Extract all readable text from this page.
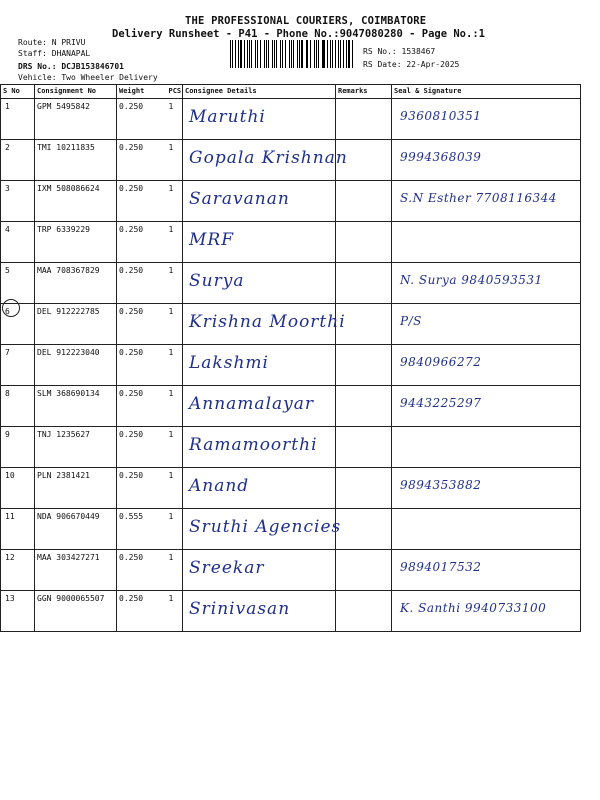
THE PROFESSIONAL COURIERS, COIMBATORE
Delivery Runsheet - P41 - Phone No.:9047080280 - Page No.:1
Route: N PRIVU
Staff: DHANAPAL
DRS No.: DCJB153846701
Vehicle: Two Wheeler Delivery
RS No.: 1538467
RS Date: 22-Apr-2025
S No	Consignment No	Weight	PCS	Consignee Details	Remarks	Seal & Signature
1	GPM 5495842	0.250	1	Maruthi		9360810351

2	TMI 10211835	0.250	1	Gopala Krishnan		9994368039

3	IXM 508086624	0.250	1	Saravanan		S.N Esther 7708116344

4	TRP 6339229	0.250	1	MRF		

5	MAA 708367829	0.250	1	Surya		N. Surya 9840593531

6	DEL 912222785	0.250	1	Krishna Moorthi		P/S

7	DEL 912223040	0.250	1	Lakshmi		9840966272

8	SLM 368690134	0.250	1	Annamalayar		9443225297

9	TNJ 1235627	0.250	1	Ramamoorthi		

10	PLN 2381421	0.250	1	Anand		9894353882

11	NDA 906670449	0.555	1	Sruthi Agencies		

12	MAA 303427271	0.250	1	Sreekar		9894017532

13	GGN 9000065507	0.250	1	Srinivasan		K. Santhi 9940733100
